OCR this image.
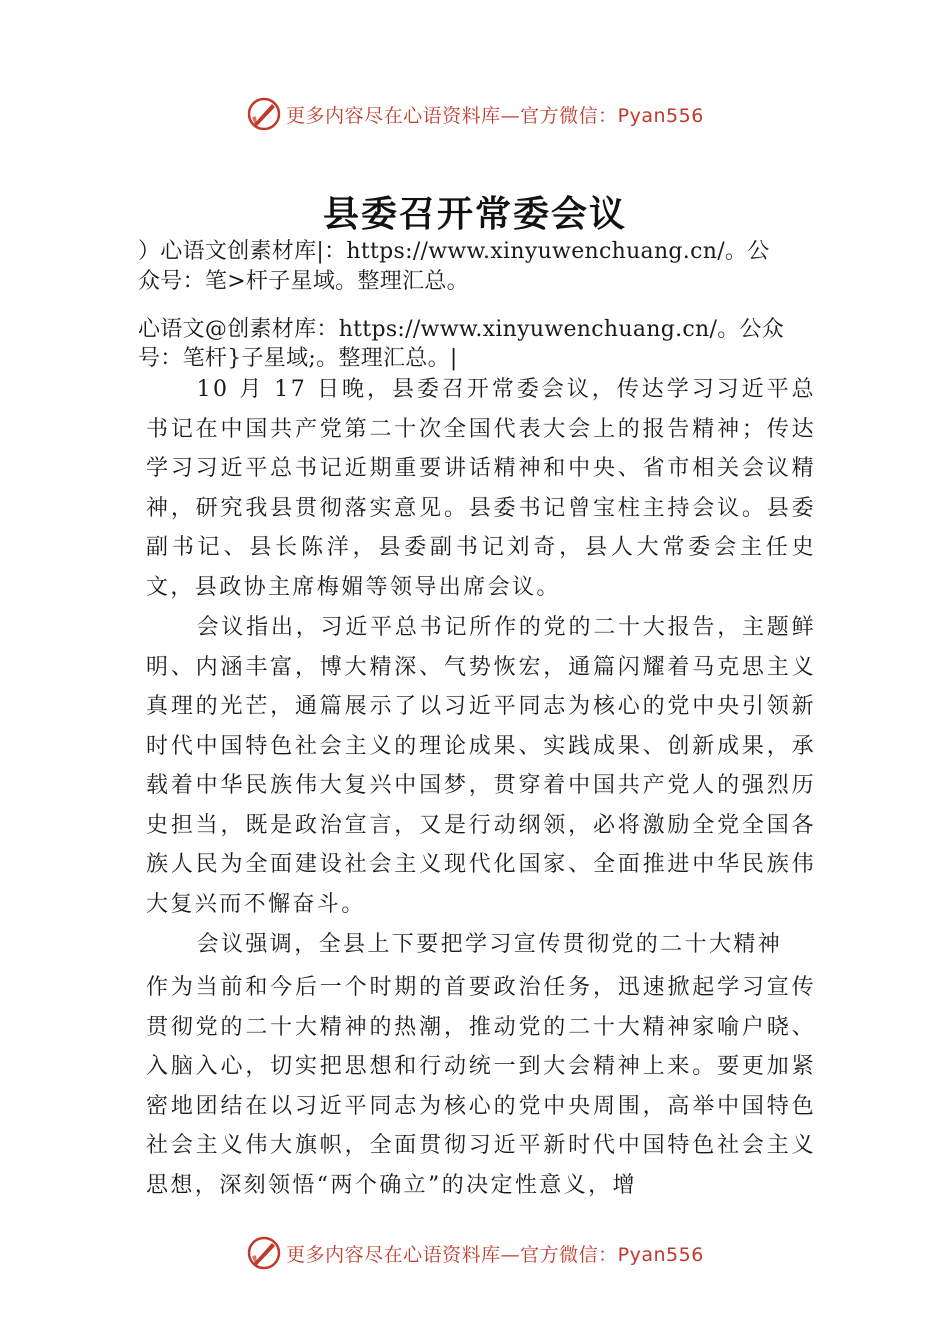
更多内容尽在心语资料库— 官方微信：Pyan556
县委召开常委会议
）心语文创素材库|：https://www.xinyuwenchuang.cn/。公
众号：笔>杆子星域。整理汇总。
心语文@创素材库：https://www.xinyuwenchuang.cn/。公众
号：笔杆}子星域;。整理汇总。|

10 月 17 日晚，县委召开常委会议，传达学习习近平总书记在中国共产党第二十次全国代表大会上的报告精神；传达学习习近平总书记近期重要讲话精神和中央、省市相关会议精神，研究我县贯彻落实意见。县委书记曾宝柱主持会议。县委副书记、县长陈洋，县委副书记刘奇，县人大常委会主任史文，县政协主席梅媚等领导出席会议。

会议指出，习近平总书记所作的党的二十大报告，主题鲜明、内涵丰富，博大精深、气势恢宏，通篇闪耀着马克思主义真理的光芒，通篇展示了以习近平同志为核心的党中央引领新时代中国特色社会主义的理论成果、实践成果、创新成果，承载着中华民族伟大复兴中国梦，贯穿着中国共产党人的强烈历史担当，既是政治宣言，又是行动纲领，必将激励全党全国各族人民为全面建设社会主义现代化国家、全面推进中华民族伟大复兴而不懈奋斗。

会议强调，全县上下要把学习宣传贯彻党的二十大精神

作为当前和今后一个时期的首要政治任务，迅速掀起学习宣传贯彻党的二十大精神的热潮，推动党的二十大精神家喻户晓、入脑入心，切实把思想和行动统一到大会精神上来。要更加紧密地团结在以习近平同志为核心的党中央周围，高举中国特色社会主义伟大旗帜，全面贯彻习近平新时代中国特色社会主义思想，深刻领悟“两个确立”的决定性意义，增

更多内容尽在心语资料库— 官方微信：Pyan556
